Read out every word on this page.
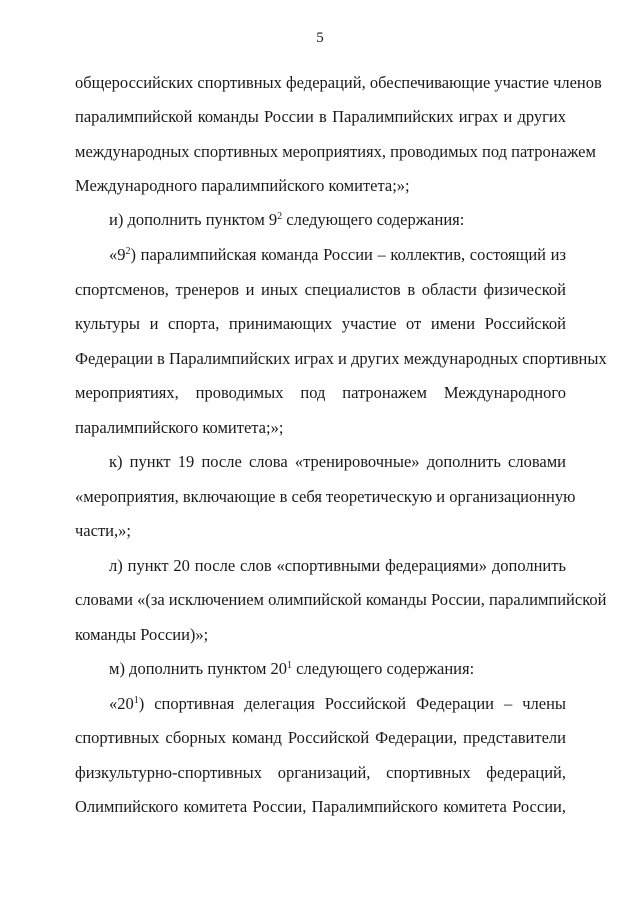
5
общероссийских спортивных федераций, обеспечивающие участие членов
паралимпийской команды России в Паралимпийских играх и других
международных спортивных мероприятиях, проводимых под патронажем
Международного паралимпийского комитета;»;
и) дополнить пунктом $9^2$ следующего содержания:
«$9^2$) паралимпийская команда России – коллектив, состоящий из
спортсменов, тренеров и иных специалистов в области физической
культуры и спорта, принимающих участие от имени Российской
Федерации в Паралимпийских играх и других международных спортивных
мероприятиях, проводимых под патронажем Международного
паралимпийского комитета;»;
к) пункт 19 после слова «тренировочные» дополнить словами
«мероприятия, включающие в себя теоретическую и организационную
части,»;
л) пункт 20 после слов «спортивными федерациями» дополнить
словами «(за исключением олимпийской команды России, паралимпийской
команды России)»;
м) дополнить пунктом $20^1$ следующего содержания:
«$20^1$) спортивная делегация Российской Федерации – члены
спортивных сборных команд Российской Федерации, представители
физкультурно-спортивных организаций, спортивных федераций,
Олимпийского комитета России, Паралимпийского комитета России,
